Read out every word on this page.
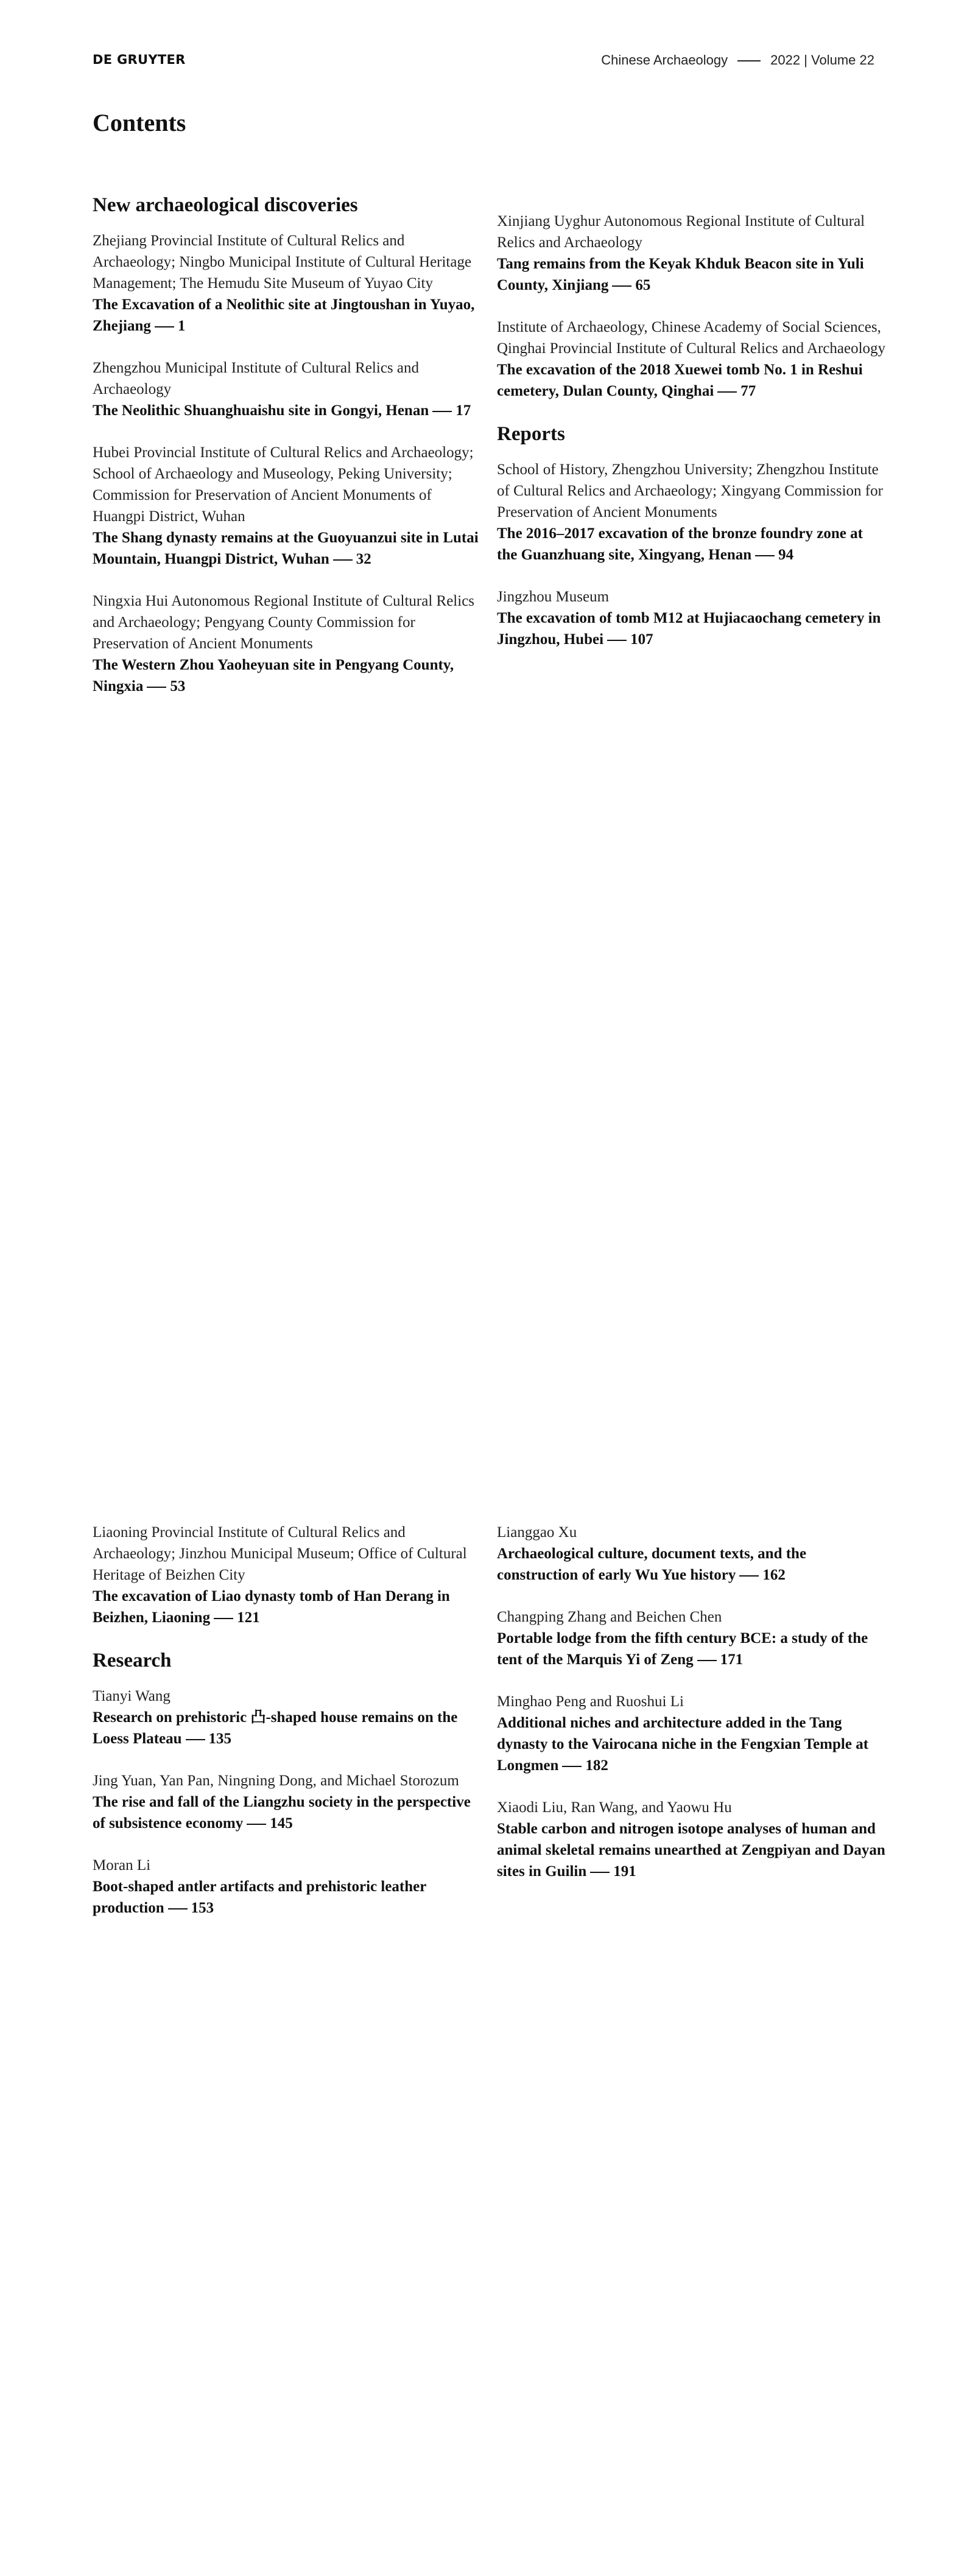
DE GRUYTER	Chinese Archaeology	2022 | Volume 22
Contents
New archaeological discoveries
Zhejiang Provincial Institute of Cultural Relics and Archaeology; Ningbo Municipal Institute of Cultural Heritage Management; The Hemudu Site Museum of Yuyao City
The Excavation of a Neolithic site at Jingtoushan in Yuyao, Zhejiang 1
Zhengzhou Municipal Institute of Cultural Relics and Archaeology
The Neolithic Shuanghuaishu site in Gongyi, Henan 17
Hubei Provincial Institute of Cultural Relics and Archaeology; School of Archaeology and Museology, Peking University; Commission for Preservation of Ancient Monuments of Huangpi District, Wuhan
The Shang dynasty remains at the Guoyuanzui site in Lutai Mountain, Huangpi District, Wuhan 32
Ningxia Hui Autonomous Regional Institute of Cultural Relics and Archaeology; Pengyang County Commission for Preservation of Ancient Monuments
The Western Zhou Yaoheyuan site in Pengyang County, Ningxia 53
Xinjiang Uyghur Autonomous Regional Institute of Cultural Relics and Archaeology
Tang remains from the Keyak Khduk Beacon site in Yuli County, Xinjiang 65
Institute of Archaeology, Chinese Academy of Social Sciences, Qinghai Provincial Institute of Cultural Relics and Archaeology
The excavation of the 2018 Xuewei tomb No. 1 in Reshui cemetery, Dulan County, Qinghai 77
Reports
School of History, Zhengzhou University; Zhengzhou Institute of Cultural Relics and Archaeology; Xingyang Commission for Preservation of Ancient Monuments
The 2016–2017 excavation of the bronze foundry zone at the Guanzhuang site, Xingyang, Henan 94
Jingzhou Museum
The excavation of tomb M12 at Hujiacaochang cemetery in Jingzhou, Hubei 107
Liaoning Provincial Institute of Cultural Relics and Archaeology; Jinzhou Municipal Museum; Office of Cultural Heritage of Beizhen City
The excavation of Liao dynasty tomb of Han Derang in Beizhen, Liaoning 121
Research
Tianyi Wang
Research on prehistoric 凸-shaped house remains on the Loess Plateau 135
Jing Yuan, Yan Pan, Ningning Dong, and Michael Storozum
The rise and fall of the Liangzhu society in the perspective of subsistence economy 145
Moran Li
Boot-shaped antler artifacts and prehistoric leather production 153
Lianggao Xu
Archaeological culture, document texts, and the construction of early Wu Yue history 162
Changping Zhang and Beichen Chen
Portable lodge from the fifth century BCE: a study of the tent of the Marquis Yi of Zeng 171
Minghao Peng and Ruoshui Li
Additional niches and architecture added in the Tang dynasty to the Vairocana niche in the Fengxian Temple at Longmen 182
Xiaodi Liu, Ran Wang, and Yaowu Hu
Stable carbon and nitrogen isotope analyses of human and animal skeletal remains unearthed at Zengpiyan and Dayan sites in Guilin 191
